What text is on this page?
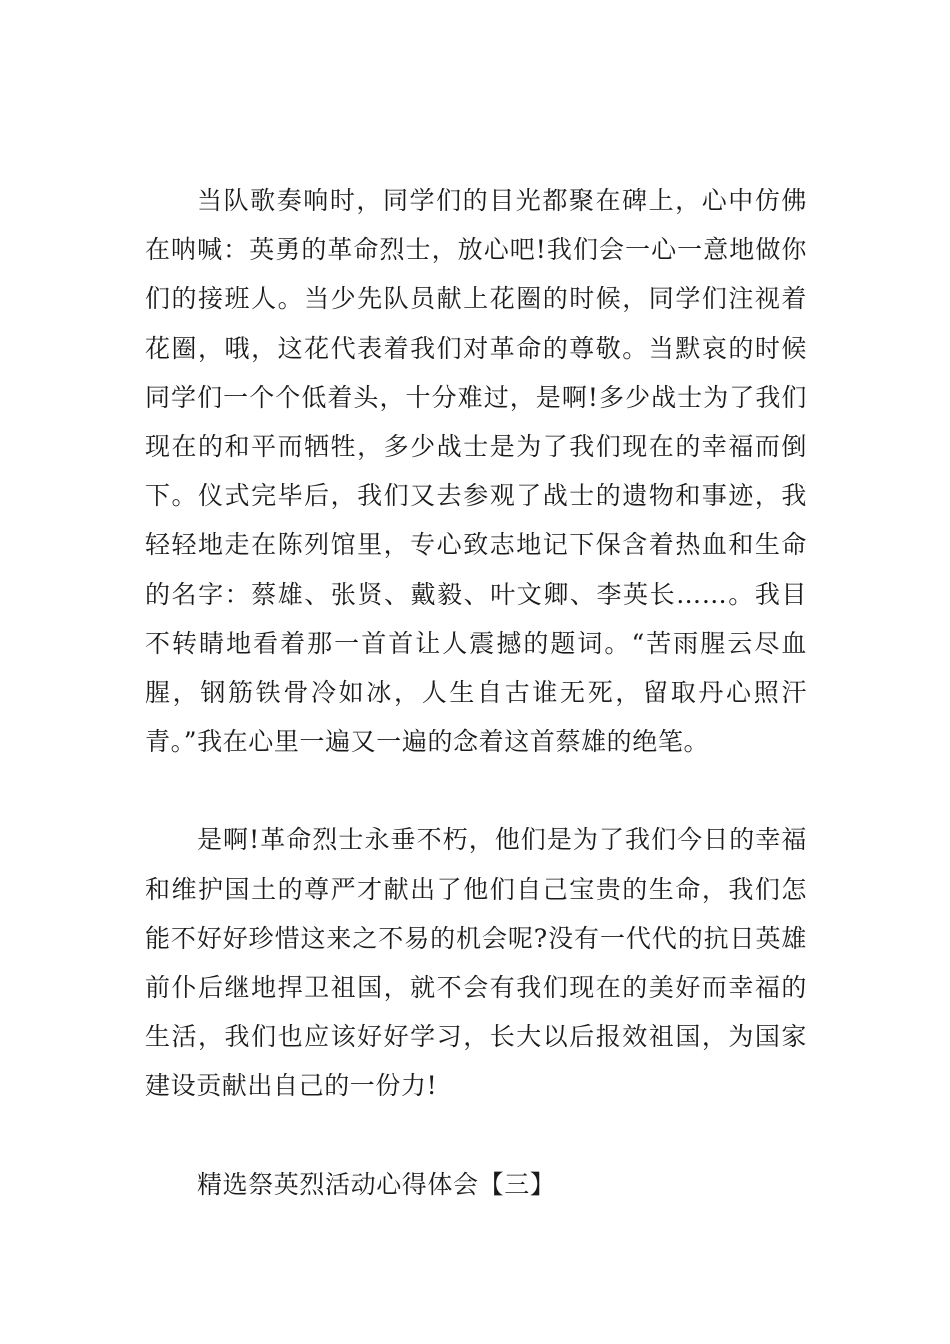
当队歌奏响时，同学们的目光都聚在碑上，心中仿佛在呐喊：英勇的革命烈士，放心吧!我们会一心一意地做你们的接班人。当少先队员献上花圈的时候，同学们注视着花圈，哦，这花代表着我们对革命的尊敬。当默哀的时候同学们一个个低着头，十分难过，是啊!多少战士为了我们现在的和平而牺牲，多少战士是为了我们现在的幸福而倒下。仪式完毕后，我们又去参观了战士的遗物和事迹，我轻轻地走在陈列馆里，专心致志地记下保含着热血和生命的名字：蔡雄、张贤、戴毅、叶文卿、李英长……。我目不转睛地看着那一首首让人震撼的题词。“苦雨腥云尽血腥，钢筋铁骨冷如冰，人生自古谁无死，留取丹心照汗青。”我在心里一遍又一遍的念着这首蔡雄的绝笔。

是啊!革命烈士永垂不朽，他们是为了我们今日的幸福和维护国土的尊严才献出了他们自己宝贵的生命，我们怎能不好好珍惜这来之不易的机会呢?没有一代代的抗日英雄前仆后继地捍卫祖国，就不会有我们现在的美好而幸福的生活，我们也应该好好学习，长大以后报效祖国，为国家建设贡献出自己的一份力!

精选祭英烈活动心得体会【三】
